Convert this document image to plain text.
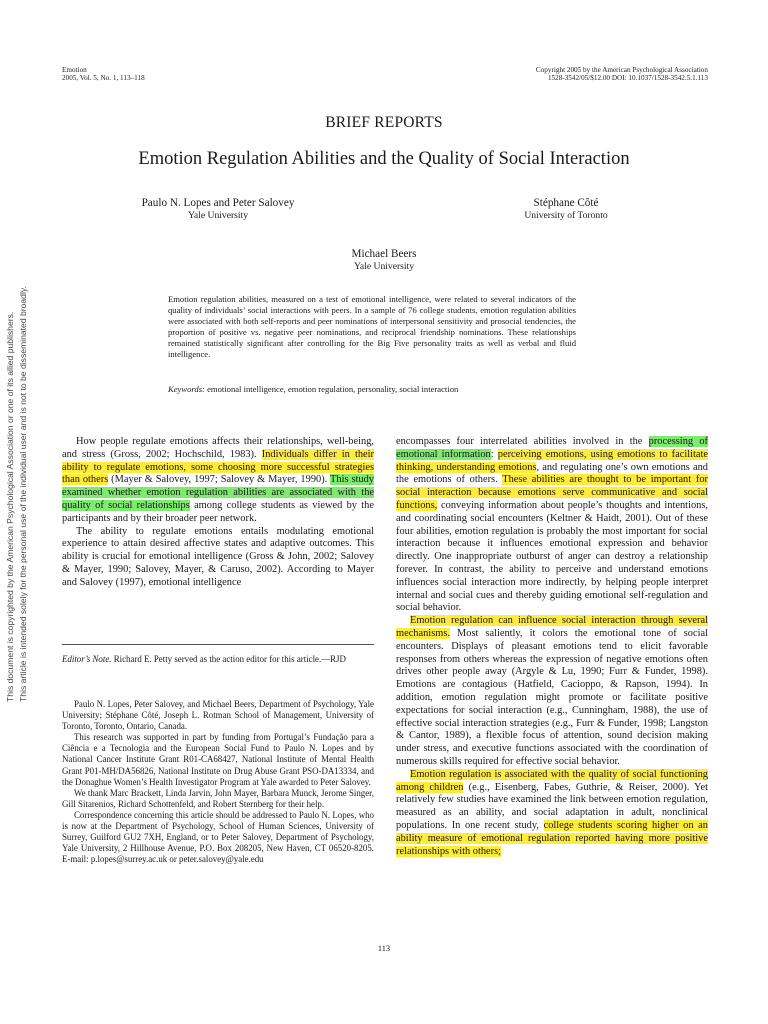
Emotion
2005, Vol. 5, No. 1, 113–118
Copyright 2005 by the American Psychological Association
1528-3542/05/$12.00 DOI: 10.1037/1528-3542.5.1.113
BRIEF REPORTS
Emotion Regulation Abilities and the Quality of Social Interaction
Paulo N. Lopes and Peter Salovey
Yale University
Stéphane Côté
University of Toronto
Michael Beers
Yale University
Emotion regulation abilities, measured on a test of emotional intelligence, were related to several indicators of the quality of individuals’ social interactions with peers. In a sample of 76 college students, emotion regulation abilities were associated with both self-reports and peer nominations of interpersonal sensitivity and prosocial tendencies, the proportion of positive vs. negative peer nominations, and reciprocal friendship nominations. These relationships remained statistically significant after controlling for the Big Five personality traits as well as verbal and fluid intelligence.
Keywords: emotional intelligence, emotion regulation, personality, social interaction
This document is copyrighted by the American Psychological Association or one of its allied publishers. This article is intended solely for the personal use of the individual user and is not to be disseminated broadly.	How people regulate emotions affects their relationships, well-being, and stress (Gross, 2002; Hochschild, 1983). Individuals differ in their ability to regulate emotions, some choosing more successful strategies than others (Mayer & Salovey, 1997; Salovey & Mayer, 1990). This study examined whether emotion regulation abilities are associated with the quality of social relationships among college students as viewed by the participants and by their broader peer network.

The ability to regulate emotions entails modulating emotional experience to attain desired affective states and adaptive outcomes. This ability is crucial for emotional intelligence (Gross & John, 2002; Salovey & Mayer, 1990; Salovey, Mayer, & Caruso, 2002). According to Mayer and Salovey (1997), emotional intelligence

Editor’s Note. Richard E. Petty served as the action editor for this article.—RJD

Paulo N. Lopes, Peter Salovey, and Michael Beers, Department of Psychology, Yale University; Stéphane Côté, Joseph L. Rotman School of Management, University of Toronto, Toronto, Ontario, Canada.

This research was supported in part by funding from Portugal’s Fundação para a Ciência e a Tecnologia and the European Social Fund to Paulo N. Lopes and by National Cancer Institute Grant R01-CA68427, National Institute of Mental Health Grant P01-MH/DA56826, National Institute on Drug Abuse Grant PSO-DA13334, and the Donaghue Women’s Health Investigator Program at Yale awarded to Peter Salovey.

We thank Marc Brackett, Linda Jarvin, John Mayer, Barbara Munck, Jerome Singer, Gill Sitarenios, Richard Schottenfeld, and Robert Sternberg for their help.

Correspondence concerning this article should be addressed to Paulo N. Lopes, who is now at the Department of Psychology, School of Human Sciences, University of Surrey, Guilford GU2 7XH, England, or to Peter Salovey, Department of Psychology, Yale University, 2 Hillhouse Avenue, P.O. Box 208205, New Haven, CT 06520-8205. E-mail: p.lopes@surrey.ac.uk or peter.salovey@yale.edu

encompasses four interrelated abilities involved in the processing of emotional information: perceiving emotions, using emotions to facilitate thinking, understanding emotions, and regulating one’s own emotions and the emotions of others. These abilities are thought to be important for social interaction because emotions serve communicative and social functions, conveying information about people’s thoughts and intentions, and coordinating social encounters (Keltner & Haidt, 2001). Out of these four abilities, emotion regulation is probably the most important for social interaction because it influences emotional expression and behavior directly. One inappropriate outburst of anger can destroy a relationship forever. In contrast, the ability to perceive and understand emotions influences social interaction more indirectly, by helping people interpret internal and social cues and thereby guiding emotional self-regulation and social behavior.

Emotion regulation can influence social interaction through several mechanisms. Most saliently, it colors the emotional tone of social encounters. Displays of pleasant emotions tend to elicit favorable responses from others whereas the expression of negative emotions often drives other people away (Argyle & Lu, 1990; Furr & Funder, 1998). Emotions are contagious (Hatfield, Cacioppo, & Rapson, 1994). In addition, emotion regulation might promote or facilitate positive expectations for social interaction (e.g., Cunningham, 1988), the use of effective social interaction strategies (e.g., Furr & Funder, 1998; Langston & Cantor, 1989), a flexible focus of attention, sound decision making under stress, and executive functions associated with the coordination of numerous skills required for effective social behavior.

Emotion regulation is associated with the quality of social functioning among children (e.g., Eisenberg, Fabes, Guthrie, & Reiser, 2000). Yet relatively few studies have examined the link between emotion regulation, measured as an ability, and social adaptation in adult, nonclinical populations. In one recent study, college students scoring higher on an ability measure of emotional regulation reported having more positive relationships with others;

113
